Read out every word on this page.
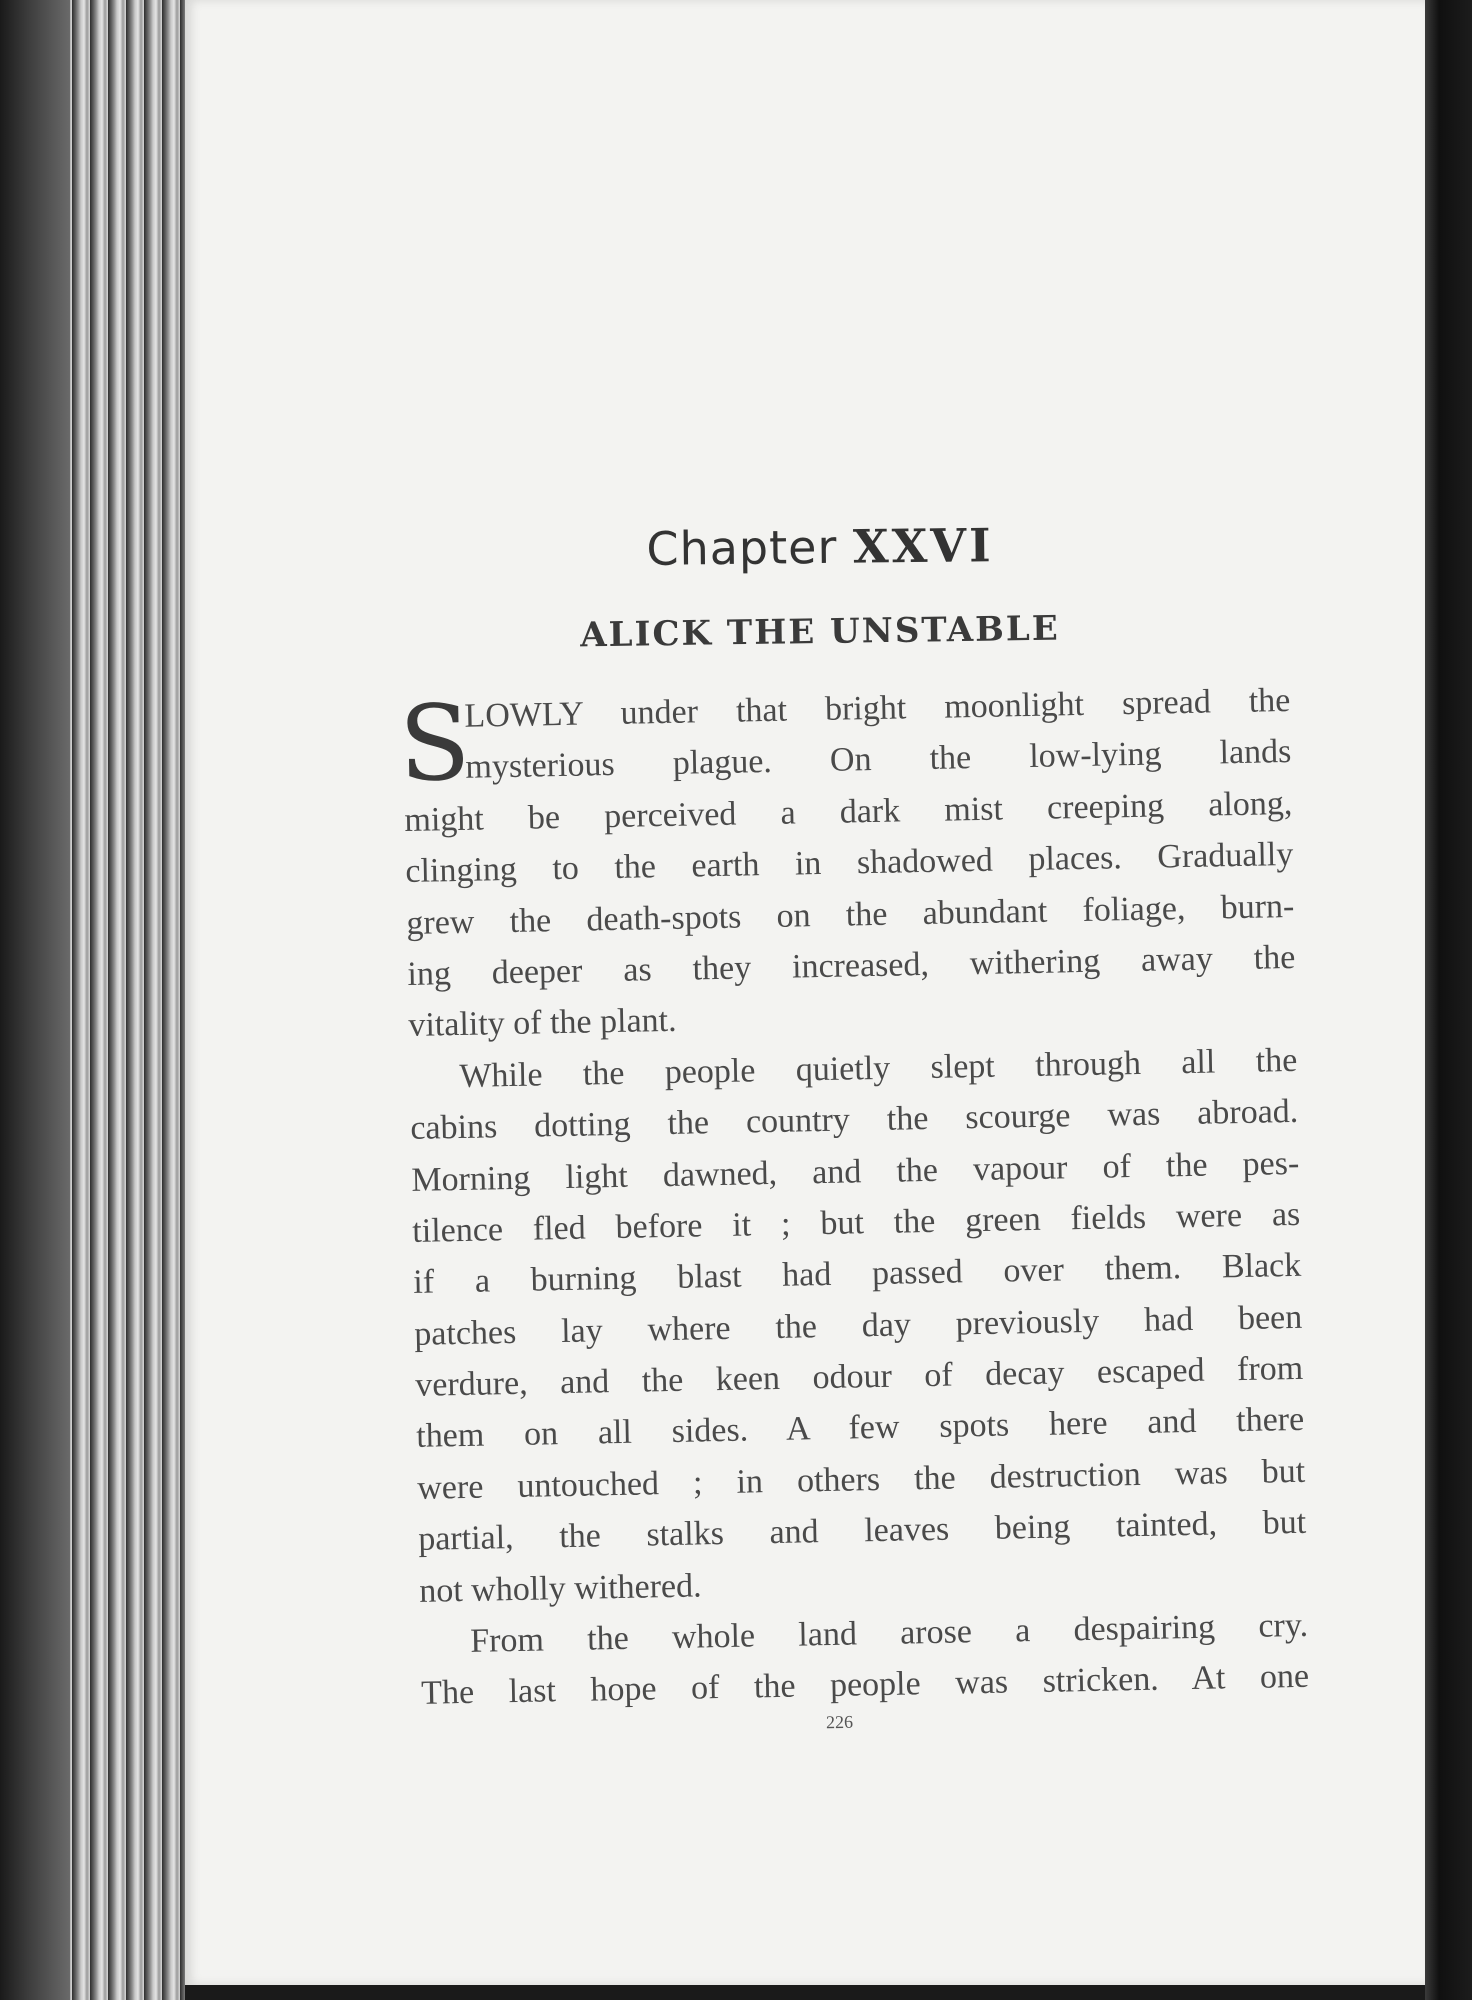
Chapter XXVI
ALICK THE UNSTABLE
S
LOWLY under that bright moonlight spread the
mysterious plague. On the low-lying lands
might be perceived a dark mist creeping along,
clinging to the earth in shadowed places. Gradually
grew the death-spots on the abundant foliage, burn-
ing deeper as they increased, withering away the
vitality of the plant.
While the people quietly slept through all the
cabins dotting the country the scourge was abroad.
Morning light dawned, and the vapour of the pes-
tilence fled before it ; but the green fields were as
if a burning blast had passed over them. Black
patches lay where the day previously had been
verdure, and the keen odour of decay escaped from
them on all sides. A few spots here and there
were untouched ; in others the destruction was but
partial, the stalks and leaves being tainted, but
not wholly withered.
From the whole land arose a despairing cry.
The last hope of the people was stricken. At one
226
